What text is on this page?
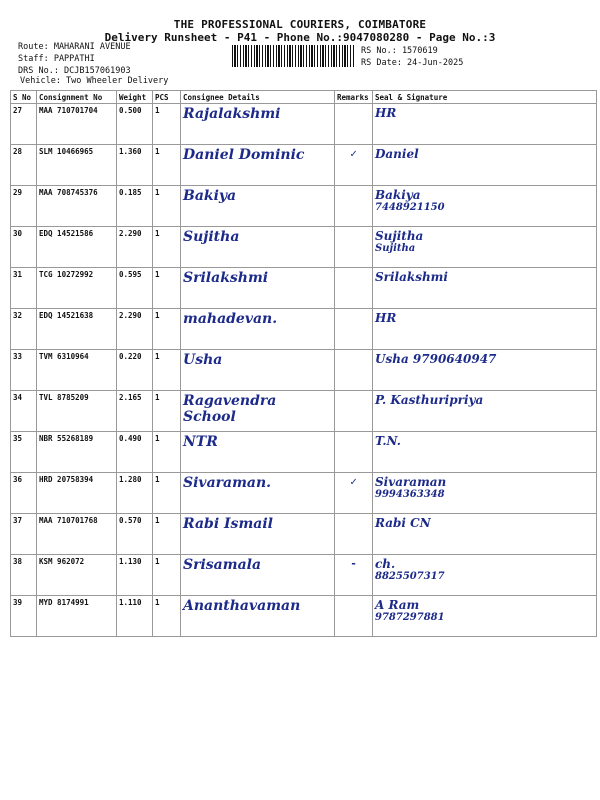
THE PROFESSIONAL COURIERS, COIMBATORE
Delivery Runsheet - P41 - Phone No.:9047080280 - Page No.:3
Route: MAHARANI AVENUE
Staff: PAPPATHI
DRS No.: DCJB157061903
Vehicle: Two Wheeler Delivery
RS No.: 1570619
RS Date: 24-Jun-2025
S No	Consignment No	Weight	PCS	Consignee Details	Remarks	Seal & Signature
27	MAA 710701704	0.500	1	Rajalakshmi		HR

28	SLM 10466965	1.360	1	Daniel Dominic	✓	Daniel

29	MAA 708745376	0.185	1	Bakiya		Bakiya
7448921150

30	EDQ 14521586	2.290	1	Sujitha		Sujitha
Sujitha

31	TCG 10272992	0.595	1	Srilakshmi		Srilakshmi

32	EDQ 14521638	2.290	1	mahadevan.		HR

33	TVM 6310964	0.220	1	Usha		Usha 9790640947

34	TVL 8785209	2.165	1	Ragavendra School		P. Kasthuripriya

35	NBR 55268189	0.490	1	NTR		T.N.

36	HRD 20758394	1.280	1	Sivaraman.	✓	Sivaraman
9994363348

37	MAA 710701768	0.570	1	Rabi Ismail		Rabi CN

38	KSM 962072	1.130	1	Srisamala	-	ch.
8825507317

39	MYD 8174991	1.110	1	Ananthavaman		A Ram
9787297881
